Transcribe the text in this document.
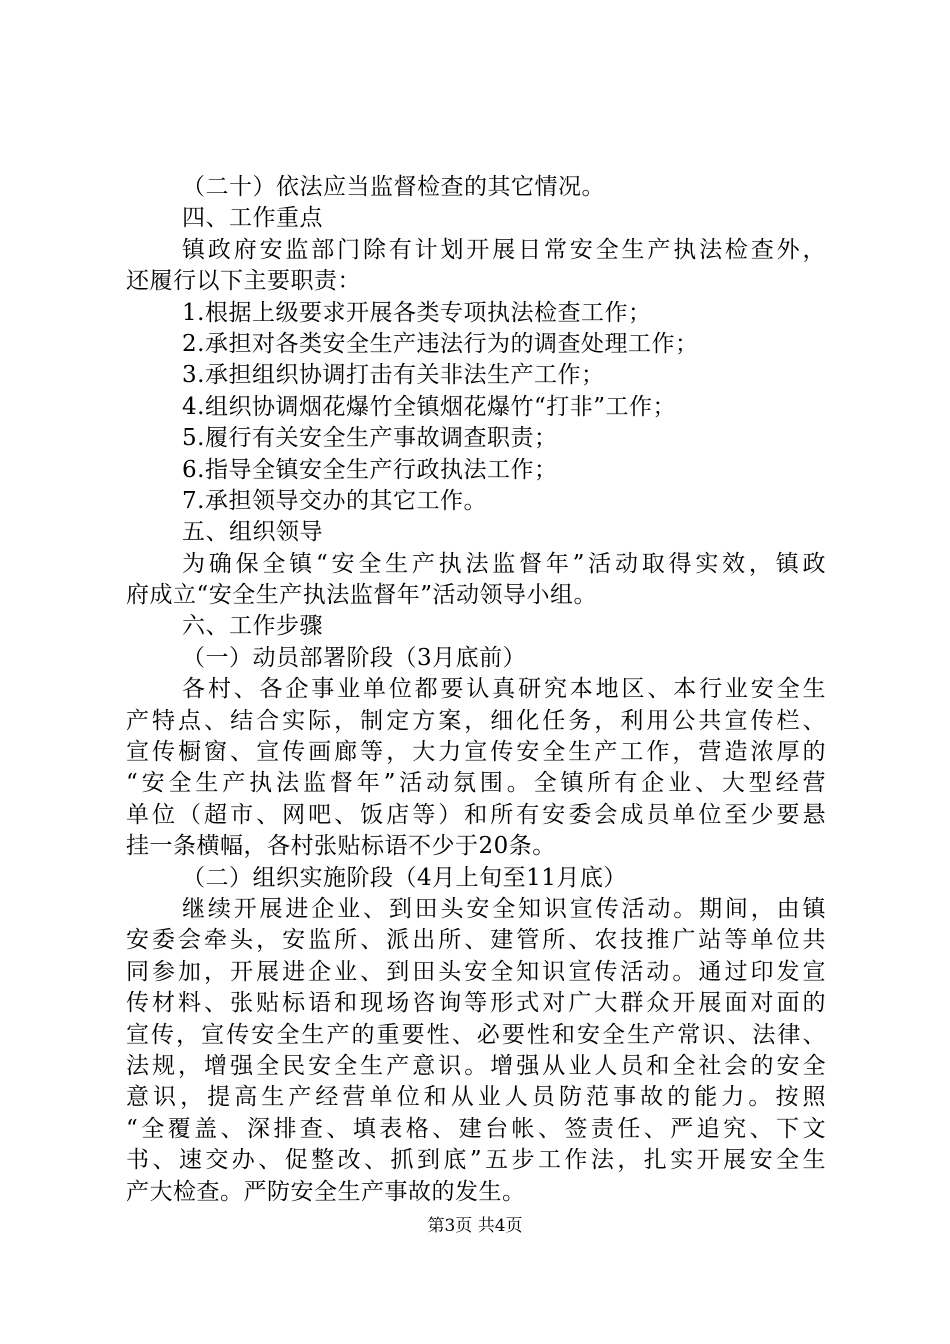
（二十）依法应当监督检查的其它情况。
四、工作重点
镇政府安监部门除有计划开展日常安全生产执法检查外，
还履行以下主要职责：
1.根据上级要求开展各类专项执法检查工作；
2.承担对各类安全生产违法行为的调查处理工作；
3.承担组织协调打击有关非法生产工作；
4.组织协调烟花爆竹全镇烟花爆竹“打非”工作；
5.履行有关安全生产事故调查职责；
6.指导全镇安全生产行政执法工作；
7.承担领导交办的其它工作。
五、组织领导
为确保全镇“安全生产执法监督年”活动取得实效，镇政
府成立“安全生产执法监督年”活动领导小组。
六、工作步骤
（一）动员部署阶段（3月底前）
各村、各企事业单位都要认真研究本地区、本行业安全生
产特点、结合实际，制定方案，细化任务，利用公共宣传栏、
宣传橱窗、宣传画廊等，大力宣传安全生产工作，营造浓厚的
“安全生产执法监督年”活动氛围。全镇所有企业、大型经营
单位（超市、网吧、饭店等）和所有安委会成员单位至少要悬
挂一条横幅，各村张贴标语不少于20条。
（二）组织实施阶段（4月上旬至11月底）
继续开展进企业、到田头安全知识宣传活动。期间，由镇
安委会牵头，安监所、派出所、建管所、农技推广站等单位共
同参加，开展进企业、到田头安全知识宣传活动。通过印发宣
传材料、张贴标语和现场咨询等形式对广大群众开展面对面的
宣传，宣传安全生产的重要性、必要性和安全生产常识、法律、
法规，增强全民安全生产意识。增强从业人员和全社会的安全
意识，提高生产经营单位和从业人员防范事故的能力。按照
“全覆盖、深排查、填表格、建台帐、签责任、严追究、下文
书、速交办、促整改、抓到底”五步工作法，扎实开展安全生
产大检查。严防安全生产事故的发生。
第3页 共4页
